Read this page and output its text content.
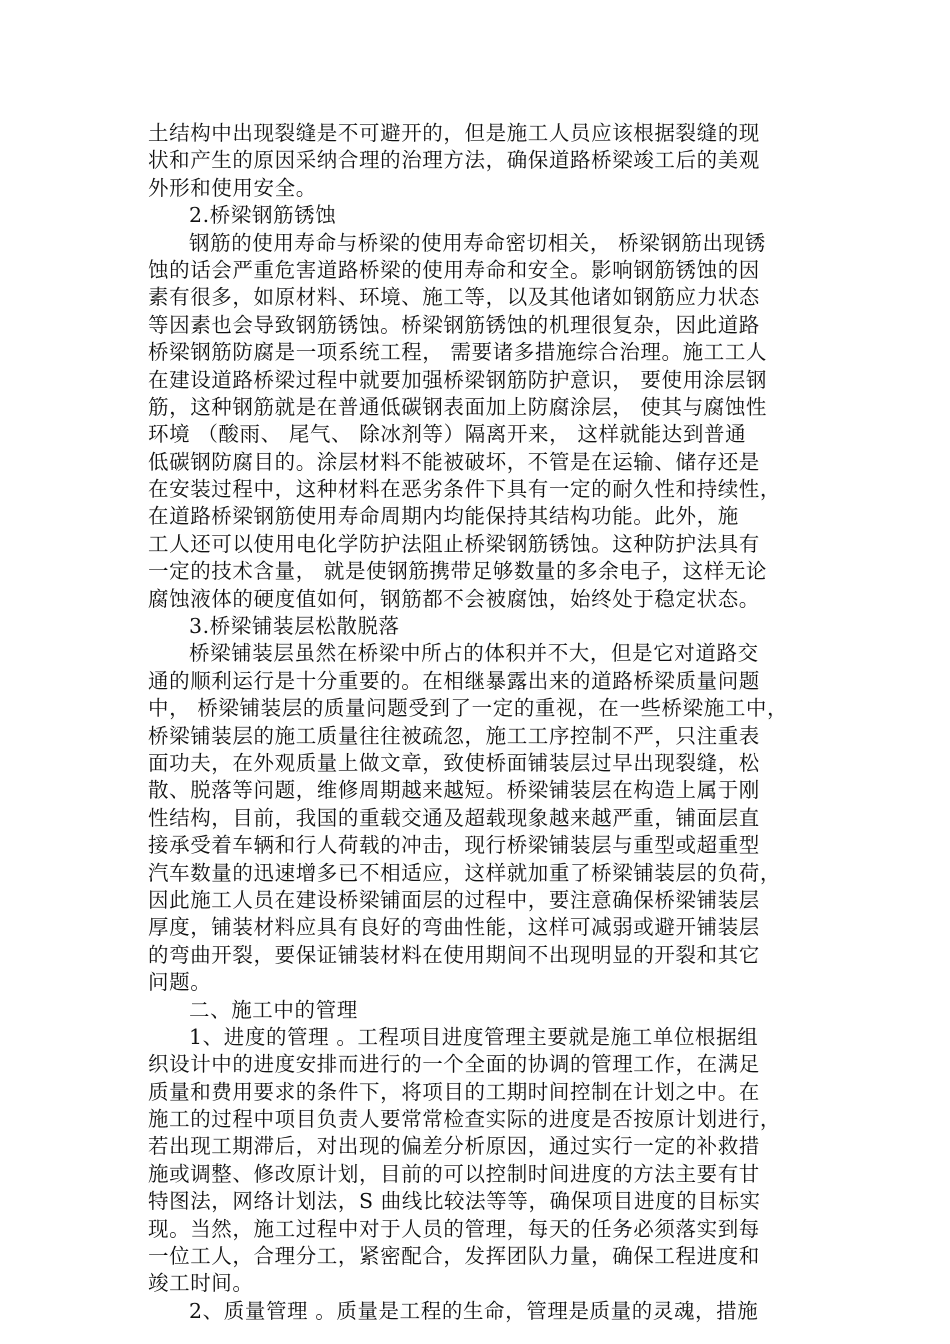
土结构中出现裂缝是不可避开的，但是施工人员应该根据裂缝的现
状和产生的原因采纳合理的治理方法，确保道路桥梁竣工后的美观
外形和使用安全。
2.桥梁钢筋锈蚀
钢筋的使用寿命与桥梁的使用寿命密切相关， 桥梁钢筋出现锈
蚀的话会严重危害道路桥梁的使用寿命和安全。影响钢筋锈蚀的因
素有很多，如原材料、环境、施工等，以及其他诸如钢筋应力状态
等因素也会导致钢筋锈蚀。桥梁钢筋锈蚀的机理很复杂，因此道路
桥梁钢筋防腐是一项系统工程， 需要诸多措施综合治理。施工工人
在建设道路桥梁过程中就要加强桥梁钢筋防护意识， 要使用涂层钢
筋，这种钢筋就是在普通低碳钢表面加上防腐涂层， 使其与腐蚀性
环境 （酸雨、 尾气、 除冰剂等）隔离开来， 这样就能达到普通
低碳钢防腐目的。涂层材料不能被破坏，不管是在运输、储存还是
在安装过程中，这种材料在恶劣条件下具有一定的耐久性和持续性，
在道路桥梁钢筋使用寿命周期内均能保持其结构功能。此外，施
工人还可以使用电化学防护法阻止桥梁钢筋锈蚀。这种防护法具有
一定的技术含量， 就是使钢筋携带足够数量的多余电子，这样无论
腐蚀液体的硬度值如何，钢筋都不会被腐蚀，始终处于稳定状态。
3.桥梁铺装层松散脱落
桥梁铺装层虽然在桥梁中所占的体积并不大，但是它对道路交
通的顺利运行是十分重要的。在相继暴露出来的道路桥梁质量问题
中， 桥梁铺装层的质量问题受到了一定的重视，在一些桥梁施工中，
桥梁铺装层的施工质量往往被疏忽，施工工序控制不严，只注重表
面功夫，在外观质量上做文章，致使桥面铺装层过早出现裂缝，松
散、脱落等问题，维修周期越来越短。桥梁铺装层在构造上属于刚
性结构，目前，我国的重载交通及超载现象越来越严重，铺面层直
接承受着车辆和行人荷载的冲击，现行桥梁铺装层与重型或超重型
汽车数量的迅速增多已不相适应，这样就加重了桥梁铺装层的负荷，
因此施工人员在建设桥梁铺面层的过程中，要注意确保桥梁铺装层
厚度，铺装材料应具有良好的弯曲性能，这样可减弱或避开铺装层
的弯曲开裂，要保证铺装材料在使用期间不出现明显的开裂和其它
问题。
二、施工中的管理
1、进度的管理 。工程项目进度管理主要就是施工单位根据组
织设计中的进度安排而进行的一个全面的协调的管理工作，在满足
质量和费用要求的条件下，将项目的工期时间控制在计划之中。在
施工的过程中项目负责人要常常检查实际的进度是否按原计划进行，
若出现工期滞后，对出现的偏差分析原因，通过实行一定的补救措
施或调整、修改原计划，目前的可以控制时间进度的方法主要有甘
特图法，网络计划法，S 曲线比较法等等，确保项目进度的目标实
现。当然，施工过程中对于人员的管理，每天的任务必须落实到每
一位工人，合理分工，紧密配合，发挥团队力量，确保工程进度和
竣工时间。
2、质量管理 。质量是工程的生命，管理是质量的灵魂，措施
